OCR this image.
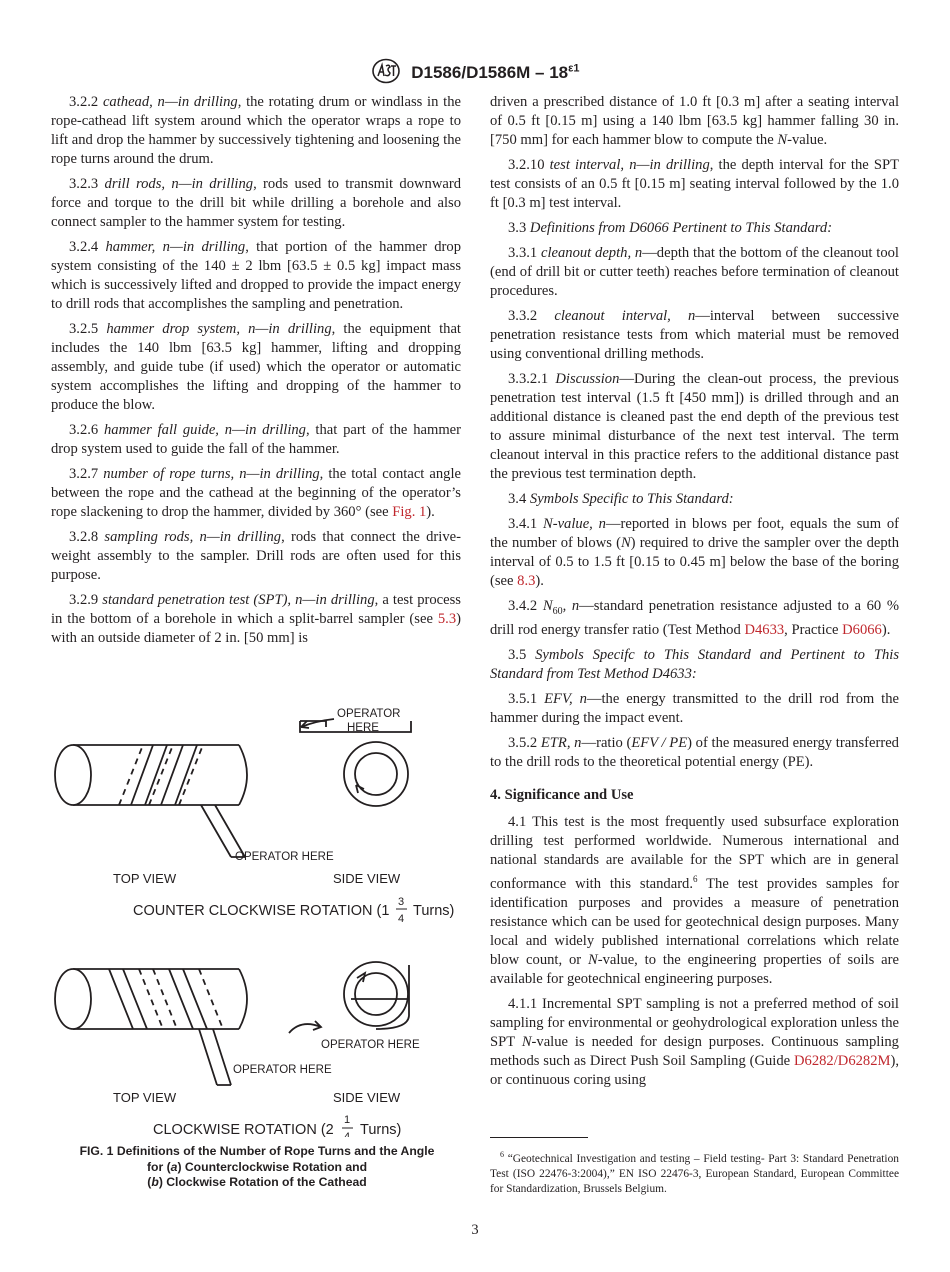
$D1586/D1586M - 18^{\varepsilon 1}$

3.2.2 cathead, n—in drilling, the rotating drum or windlass in the rope-cathead lift system around which the operator wraps a rope to lift and drop the hammer by successively tightening and loosening the rope turns around the drum.

3.2.3 drill rods, n—in drilling, rods used to transmit downward force and torque to the drill bit while drilling a borehole and also connect sampler to the hammer system for testing.

3.2.4 hammer, n—in drilling, that portion of the hammer drop system consisting of the 140 ± 2 lbm [63.5 ± 0.5 kg] impact mass which is successively lifted and dropped to provide the impact energy to drill rods that accomplishes the sampling and penetration.

3.2.5 hammer drop system, n—in drilling, the equipment that includes the 140 lbm [63.5 kg] hammer, lifting and dropping assembly, and guide tube (if used) which the operator or automatic system accomplishes the lifting and dropping of the hammer to produce the blow.

3.2.6 hammer fall guide, n—in drilling, that part of the hammer drop system used to guide the fall of the hammer.

3.2.7 number of rope turns, n—in drilling, the total contact angle between the rope and the cathead at the beginning of the operator’s rope slackening to drop the hammer, divided by 360° (see Fig. 1).

3.2.8 sampling rods, n—in drilling, rods that connect the drive-weight assembly to the sampler. Drill rods are often used for this purpose.

3.2.9 standard penetration test (SPT), n—in drilling, a test process in the bottom of a borehole in which a split-barrel sampler (see 5.3) with an outside diameter of 2 in. [50 mm] is

OPERATOR
HERE
OPERATOR HERE
TOP VIEW	SIDE VIEW
COUNTER CLOCKWISE ROTATION (1
3
4 Turns)
OPERATOR HERE
OPERATOR HERE
TOP VIEW	SIDE VIEW
CLOCKWISE ROTATION (2
1
4 Turns)
FIG. 1 Definitions of the Number of Rope Turns and the Angle
for (a) Counterclockwise Rotation and
(b) Clockwise Rotation of the Cathead

driven a prescribed distance of 1.0 ft [0.3 m] after a seating interval of 0.5 ft [0.15 m] using a 140 lbm [63.5 kg] hammer falling 30 in. [750 mm] for each hammer blow to compute the N-value.

3.2.10 test interval, n—in drilling, the depth interval for the SPT test consists of an 0.5 ft [0.15 m] seating interval followed by the 1.0 ft [0.3 m] test interval.

3.3 Definitions from D6066 Pertinent to This Standard:

3.3.1 cleanout depth, n—depth that the bottom of the cleanout tool (end of drill bit or cutter teeth) reaches before termination of cleanout procedures.

3.3.2 cleanout interval, n—interval between successive penetration resistance tests from which material must be removed using conventional drilling methods.

3.3.2.1 Discussion—During the clean-out process, the previous penetration test interval (1.5 ft [450 mm]) is drilled through and an additional distance is cleaned past the end depth of the previous test to assure minimal disturbance of the next test interval. The term cleanout interval in this practice refers to the additional distance past the previous test termination depth.

3.4 Symbols Specific to This Standard:

3.4.1 N-value, n—reported in blows per foot, equals the sum of the number of blows (N) required to drive the sampler over the depth interval of 0.5 to 1.5 ft [0.15 to 0.45 m] below the base of the boring (see 8.3).

3.4.2 $N_{60}$, n—standard penetration resistance adjusted to a 60 % drill rod energy transfer ratio (Test Method D4633, Practice D6066).

3.5 Symbols Specifc to This Standard and Pertinent to This Standard from Test Method D4633:

3.5.1 EFV, n—the energy transmitted to the drill rod from the hammer during the impact event.

3.5.2 ETR, n—ratio (EFV / PE) of the measured energy transferred to the drill rods to the theoretical potential energy (PE).

4. Significance and Use

4.1 This test is the most frequently used subsurface exploration drilling test performed worldwide. Numerous international and national standards are available for the SPT which are in general conformance with this standard.$^6$ The test provides samples for identification purposes and provides a measure of penetration resistance which can be used for geotechnical design purposes. Many local and widely published international correlations which relate blow count, or N-value, to the engineering properties of soils are available for geotechnical engineering purposes.

4.1.1 Incremental SPT sampling is not a preferred method of soil sampling for environmental or geohydrological exploration unless the SPT N-value is needed for design purposes. Continuous sampling methods such as Direct Push Soil Sampling (Guide D6282/D6282M), or continuous coring using

$^6$ “Geotechnical Investigation and testing – Field testing- Part 3: Standard Penetration Test (ISO 22476-3:2004),” EN ISO 22476-3, European Standard, European Committee for Standardization, Brussels Belgium.
3
